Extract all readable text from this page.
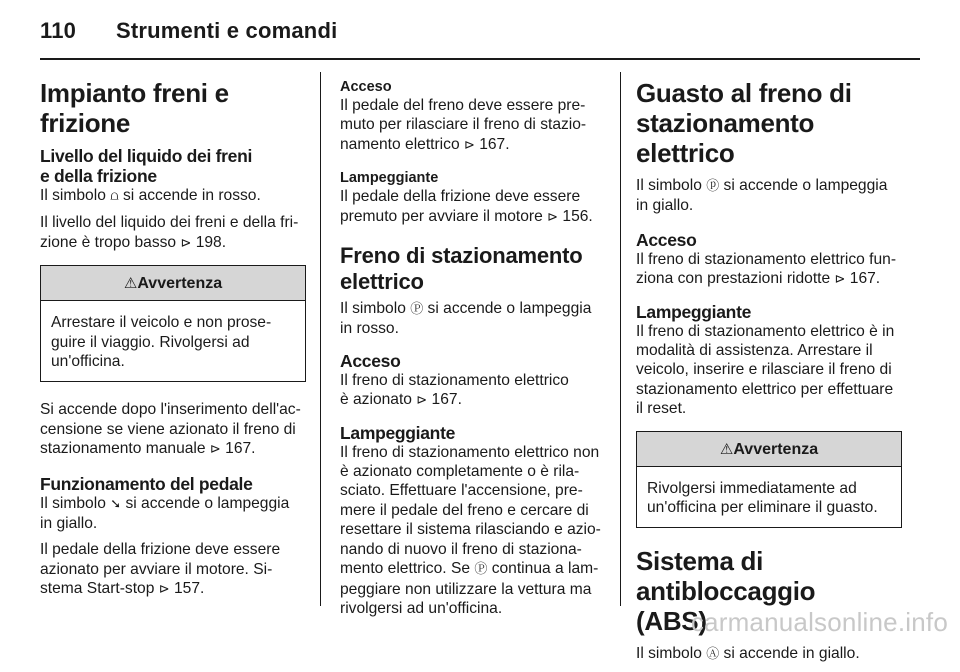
110 Strumenti e comandi
Impianto freni e frizione
Livello del liquido dei freni
e della frizione

Il simbolo ⩍ si accende in rosso.

Il livello del liquido dei freni e della fri-
zione è tropo basso ⊳ 198.

⚠Avvertenza
Arrestare il veicolo e non prose-
guire il viaggio. Rivolgersi ad
un'officina.

Si accende dopo l'inserimento dell'ac-
censione se viene azionato il freno di
stazionamento manuale ⊳ 167.

Funzionamento del pedale

Il simbolo ➘ si accende o lampeggia
in giallo.

Il pedale della frizione deve essere
azionato per avviare il motore. Si-
stema Start-stop ⊳ 157.

Acceso

Il pedale del freno deve essere pre-
muto per rilasciare il freno di stazio-
namento elettrico ⊳ 167.

Lampeggiante

Il pedale della frizione deve essere
premuto per avviare il motore ⊳ 156.

Freno di stazionamento
elettrico

Il simbolo Ⓟ si accende o lampeggia
in rosso.

Acceso

Il freno di stazionamento elettrico
è azionato ⊳ 167.

Lampeggiante

Il freno di stazionamento elettrico non
è azionato completamente o è rila-
sciato. Effettuare l'accensione, pre-
mere il pedale del freno e cercare di
resettare il sistema rilasciando e azio-
nando di nuovo il freno di staziona-
mento elettrico. Se Ⓟ continua a lam-
peggiare non utilizzare la vettura ma
rivolgersi ad un'officina.

Guasto al freno di
stazionamento elettrico

Il simbolo ⓟ si accende o lampeggia
in giallo.

Acceso

Il freno di stazionamento elettrico fun-
ziona con prestazioni ridotte ⊳ 167.

Lampeggiante

Il freno di stazionamento elettrico è in
modalità di assistenza. Arrestare il
veicolo, inserire e rilasciare il freno di
stazionamento elettrico per effettuare
il reset.

⚠Avvertenza
Rivolgersi immediatamente ad
un'officina per eliminare il guasto.
Sistema di antibloccaggio
(ABS)

Il simbolo Ⓐ si accende in giallo.

carmanualsonline.info
